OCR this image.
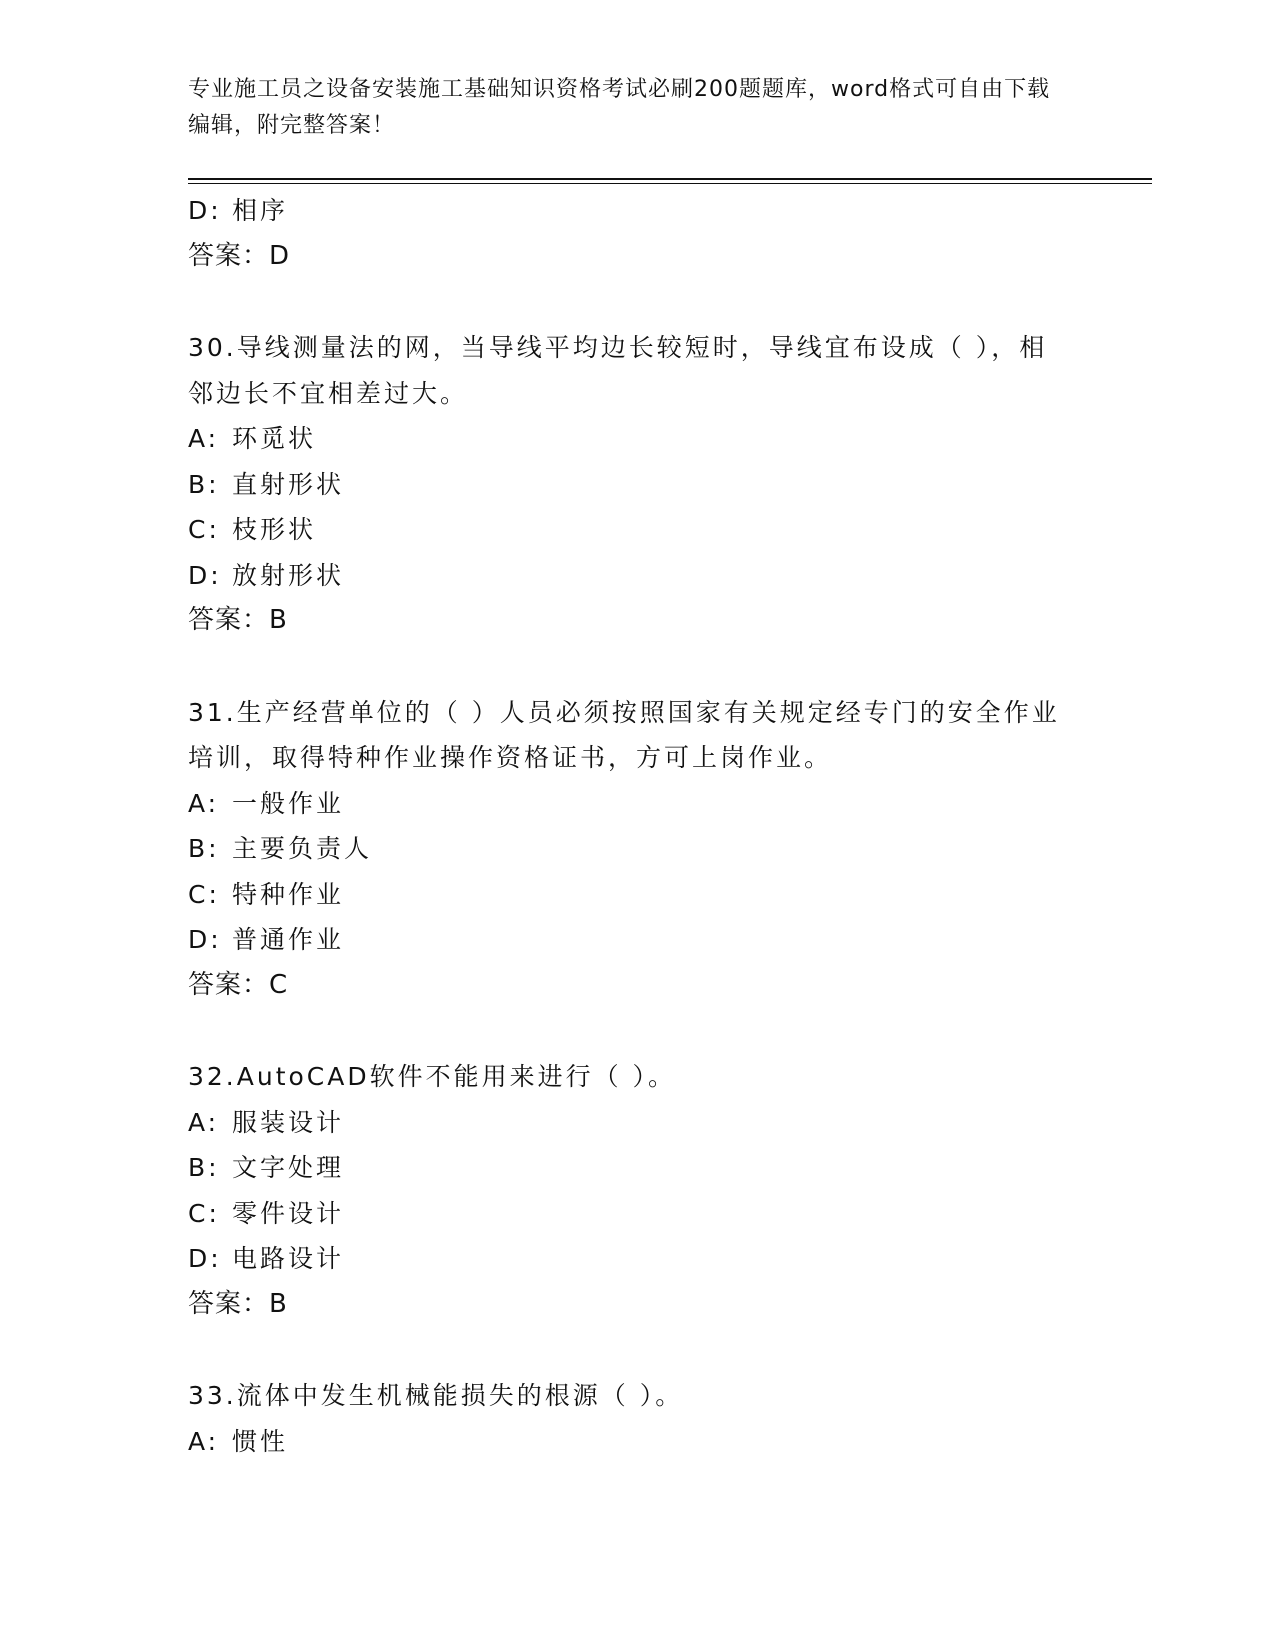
专业施工员之设备安装施工基础知识资格考试必刷200题题库，word格式可自由下载编辑，附完整答案！
D: 相序
答案：D
30.导线测量法的网，当导线平均边长较短时，导线宜布设成（ ），相邻边长不宜相差过大。
A: 环觅状
B: 直射形状
C: 枝形状
D: 放射形状
答案：B
31.生产经营单位的（ ）人员必须按照国家有关规定经专门的安全作业培训，取得特种作业操作资格证书，方可上岗作业。
A: 一般作业
B: 主要负责人
C: 特种作业
D: 普通作业
答案：C
32.AutoCAD软件不能用来进行（ ）。
A: 服装设计
B: 文字处理
C: 零件设计
D: 电路设计
答案：B
33.流体中发生机械能损失的根源（ ）。
A: 惯性
